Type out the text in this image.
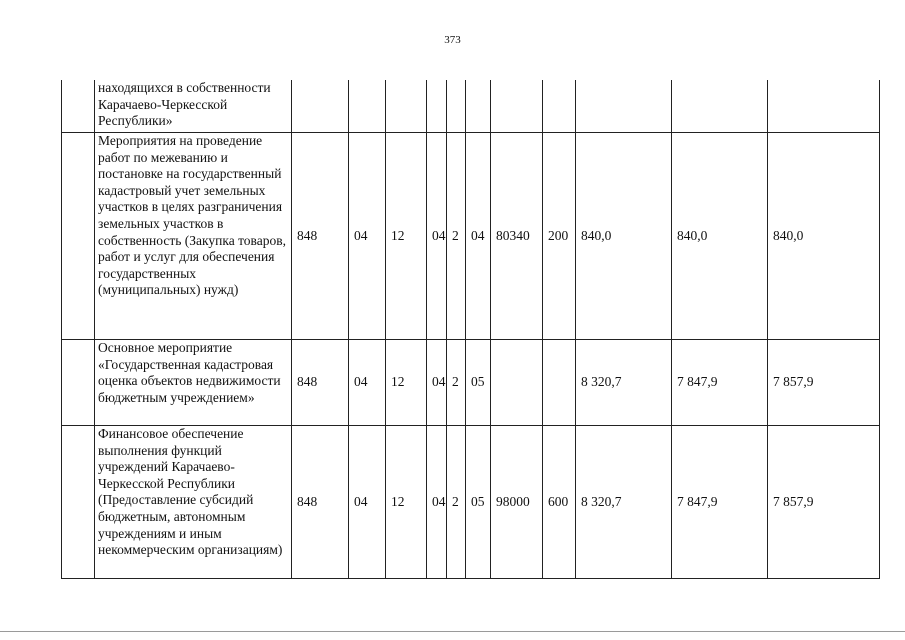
373
	находящихся в собственности Карачаево-Черкесской Республики»											
	Мероприятия на проведение работ по межеванию и постановке на государственный кадастровый учет земельных участков в целях разграничения земельных участков в собственность (Закупка товаров, работ и услуг для обеспечения государственных (муниципальных) нужд)	848	04	12	04	2	04	80340	200	840,0	840,0	840,0
	Основное мероприятие «Государственная кадастровая оценка объектов недвижимости бюджетным учреждением»	848	04	12	04	2	05			8 320,7	7 847,9	7 857,9
	Финансовое обеспечение выполнения функций учреждений Карачаево-Черкесской Республики (Предоставление субсидий бюджетным, автономным учреждениям и иным некоммерческим организациям)	848	04	12	04	2	05	98000	600	8 320,7	7 847,9	7 857,9
